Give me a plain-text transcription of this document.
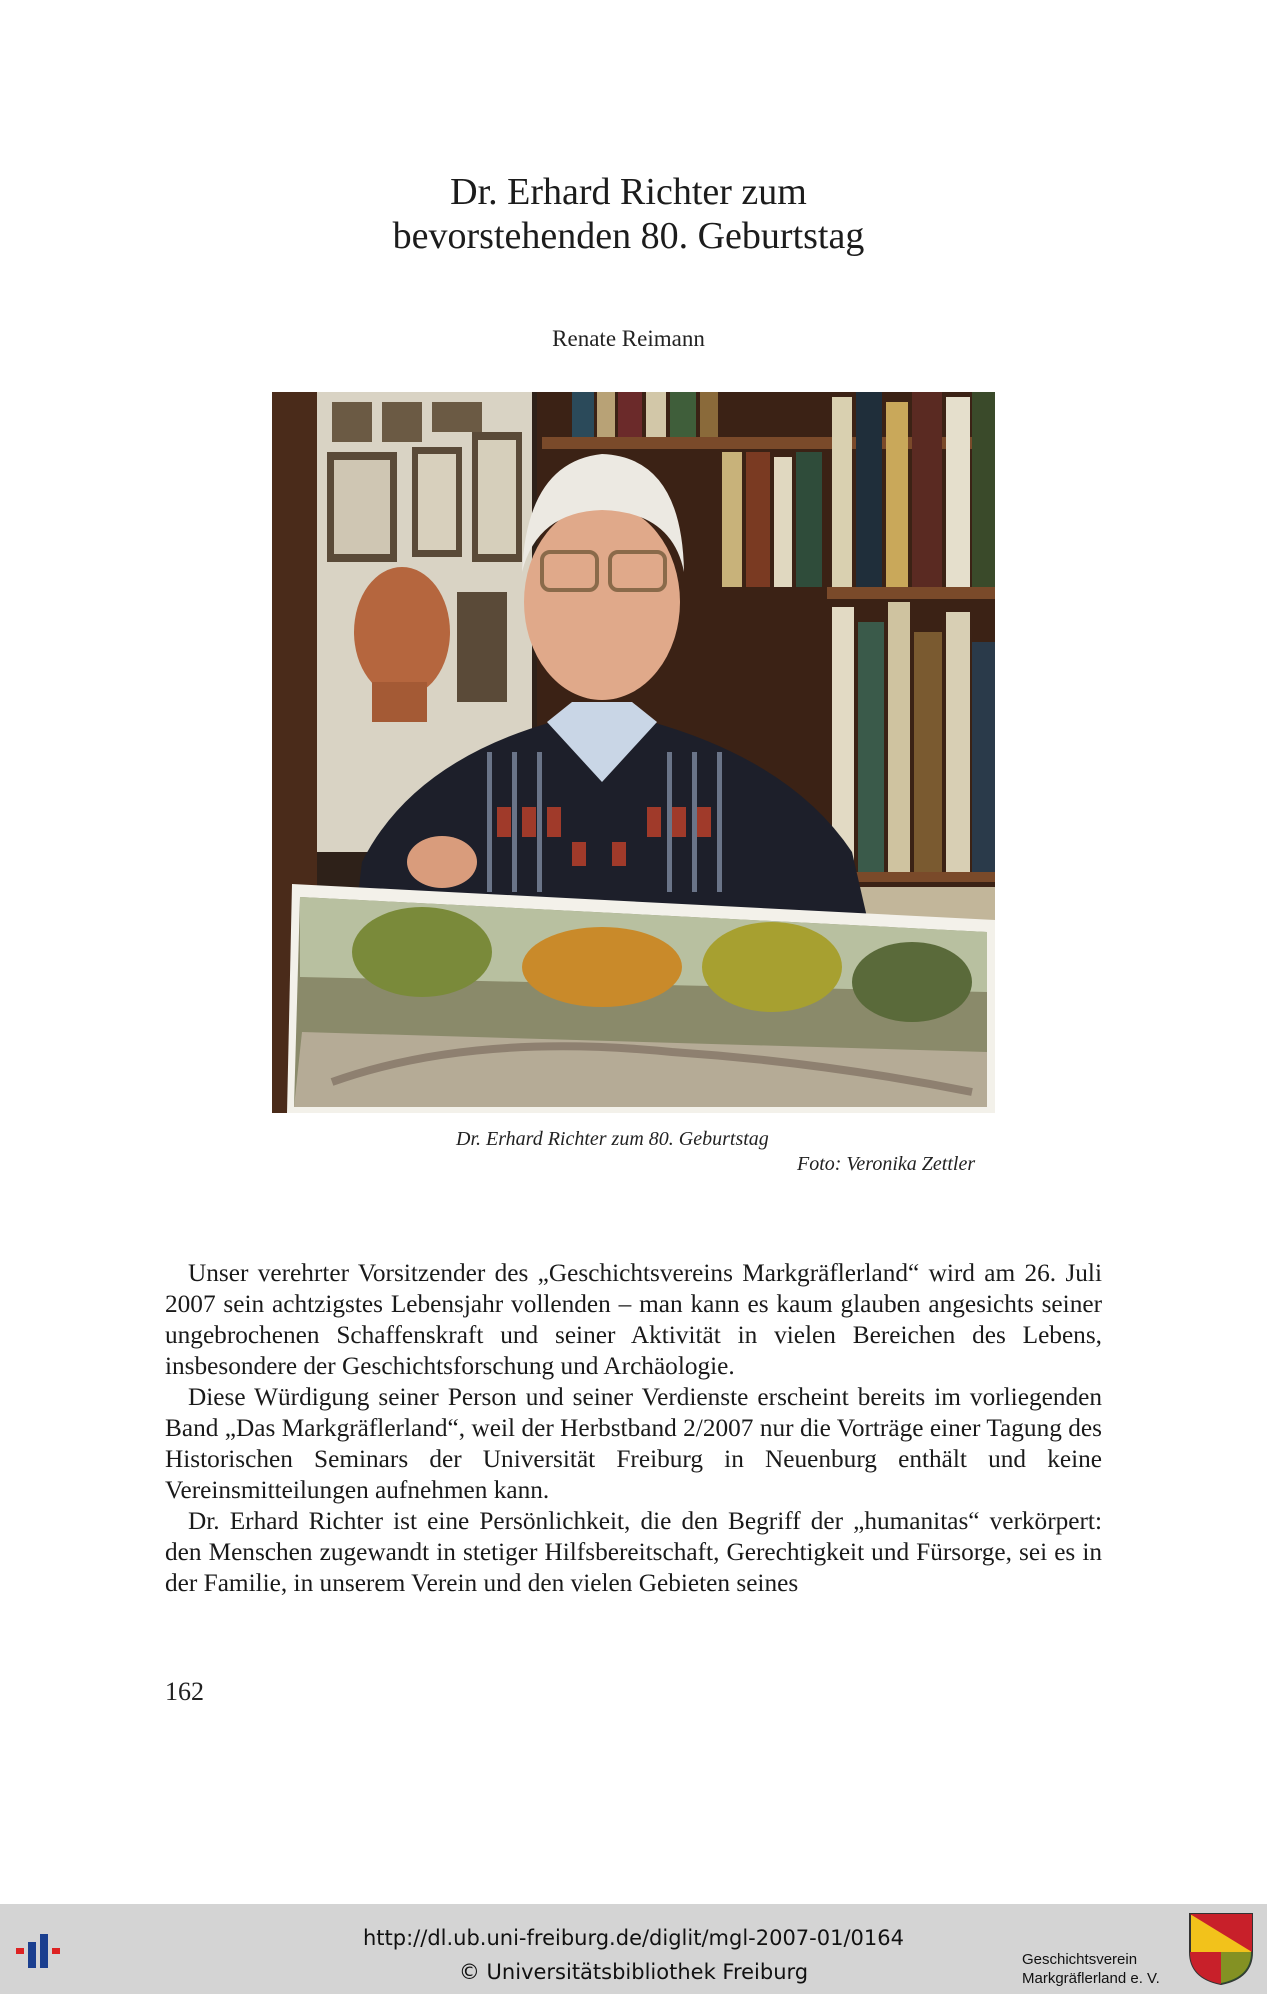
Dr. Erhard Richter zum
bevorstehenden 80. Geburtstag
Renate Reimann
Dr. Erhard Richter zum 80. Geburtstag
Foto: Veronika Zettler

Unser verehrter Vorsitzender des „Geschichtsvereins Markgräflerland“ wird am 26. Juli 2007 sein achtzigstes Lebensjahr vollenden – man kann es kaum glauben angesichts seiner ungebrochenen Schaffenskraft und seiner Aktivität in vielen Bereichen des Lebens, insbesondere der Geschichtsforschung und Archäologie.

Diese Würdigung seiner Person und seiner Verdienste erscheint bereits im vorliegenden Band „Das Markgräflerland“, weil der Herbstband 2/2007 nur die Vorträge einer Tagung des Historischen Seminars der Universität Freiburg in Neuenburg enthält und keine Vereinsmitteilungen aufnehmen kann.

Dr. Erhard Richter ist eine Persönlichkeit, die den Begriff der „humanitas“ verkörpert: den Menschen zugewandt in stetiger Hilfsbereitschaft, Gerechtigkeit und Fürsorge, sei es in der Familie, in unserem Verein und den vielen Gebieten seines

162
http://dl.ub.uni-freiburg.de/diglit/mgl-2007-01/0164
© Universitätsbibliothek Freiburg
Geschichtsverein
Markgräflerland e. V.
